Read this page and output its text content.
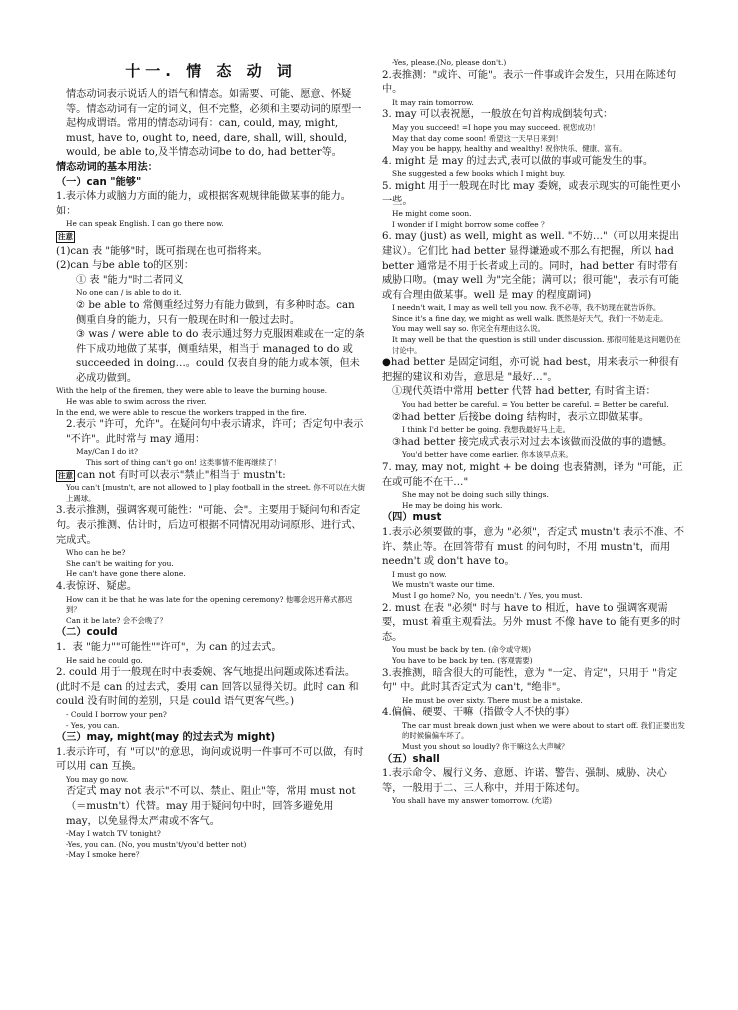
十一. 情 态 动 词

情态动词表示说话人的语气和情态。如需要、可能、愿意、怀疑等。情态动词有一定的词义，但不完整，必须和主要动词的原型一起构成谓语。常用的情态动词有：can, could, may, might, must, have to, ought to, need, dare, shall, will, should, would, be able to,及半情态动词be to do, had better等。

情态动词的基本用法：

（一）can "能够"

1.表示体力或脑力方面的能力，或根据客观规律能做某事的能力。如：

He can speak English. I can go there now.

注意

(1)can 表 "能够"时，既可指现在也可指将来。

(2)can 与be able to的区别：

① 表 "能力"时二者同义

No one can / is able to do it.

② be able to 常侧重经过努力有能力做到，有多种时态。can 侧重自身的能力，只有一般现在时和一般过去时。

③ was / were able to do 表示通过努力克服困难或在一定的条件下成功地做了某事，侧重结果，相当于 managed to do 或 succeeded in doing…。could 仅表自身的能力或本领，但未必成功做到。

With the help of the firemen, they were able to leave the burning house.

He was able to swim across the river.

In the end, we were able to rescue the workers trapped in the fire.

2.表示 "许可，允许"。在疑问句中表示请求，许可；否定句中表示 "不许"。此时常与 may 通用：

May/Can I do it?

This sort of thing can't go on! 这类事情不能再继续了！

注意 can not 有时可以表示"禁止"相当于 mustn't:

You can't [mustn't, are not allowed to ] play football in the street. 你不可以在大街上踢球。

3.表示推测，强调客观可能性："可能、会"。主要用于疑问句和否定句。表示推测、估计时，后边可根据不同情况用动词原形、进行式、完成式。

Who can he be?

She can't be waiting for you.

He can't have gone there alone.

4.表惊讶、疑虑。

How can it be that he was late for the opening ceremony? 他哪会迟开幕式都迟到？

Can it be late? 会不会晚了？

（二）could

1．表 "能力""可能性""许可"，为 can 的过去式。

He said he could go.

2. could 用于一般现在时中表委婉、客气地提出问题或陈述看法。(此时不是 can 的过去式，委用 can 回答以显得关切。此时 can 和 could 没有时间的差别，只是 could 语气更客气些。)

- Could I borrow your pen?

- Yes, you can.

（三）may, might(may 的过去式为 might)

1.表示许可，有 "可以"的意思，询问或说明一件事可不可以做，有时可以用 can 互换。

You may go now.

否定式 may not 表示"不可以、禁止、阻止"等，常用 must not（＝mustn't）代替。may 用于疑问句中时，回答多避免用 may，以免显得太严肃或不客气。

-May I watch TV tonight?

-Yes, you can. (No, you mustn't/you'd better not)

-May I smoke here？

-Yes, please.(No, please don't.)

2.表推测："或许、可能"。表示一件事或许会发生，只用在陈述句中。

It may rain tomorrow.

3. may 可以表祝愿，一般放在句首构成倒装句式：

May you succeed! =I hope you may succeed. 祝您成功！

May that day come soon! 希望这一天早日来到！

May you be happy, healthy and wealthy! 祝你快乐、健康、富有。

4. might 是 may 的过去式,表可以做的事或可能发生的事。

She suggested a few books which I might buy.

5. might 用于一般现在时比 may 委婉，或表示现实的可能性更小一些。

He might come soon.

I wonder if I might borrow some coffee ？

6. may (just) as well, might as well. "不妨…"（可以用来提出建议）。它们比 had better 显得谦逊或不那么有把握，所以 had better 通常是不用于长者或上司的。同时，had better 有时带有威胁口吻。(may well 为"完全能；满可以；很可能"，表示有可能或有合理由做某事。well 是 may 的程度副词)

I needn't wait, I may as well tell you now. 我不必等，我不妨现在就告诉你。

Since it's a fine day, we might as well walk. 既然是好天气，我们一不妨走走。

You may well say so. 你完全有理由这么说。

It may well be that the question is still under discussion. 那很可能是这问题仍在讨论中。

●had better 是固定词组，亦可说 had best，用来表示一种很有把握的建议和劝告，意思是 "最好…"。

①现代英语中常用 better 代替 had better, 有时省主语：

You had better be careful. = You better be careful. = Better be careful.

②had better 后接be doing 结构时，表示立即做某事。

I think I'd better be going. 我想我最好马上走。

③had better 接完成式表示对过去本该做而没做的事的遗憾。

You'd better have come earlier. 你本该早点来。

7. may, may not, might + be doing 也表猜测，译为 "可能，正在或可能不在干…"

She may not be doing such silly things.

He may be doing his work.

（四）must

1.表示必须要做的事，意为 "必须"，否定式 mustn't 表示不准、不许、禁止等。在回答带有 must 的问句时，不用 mustn't，而用 needn't 或 don't have to。

I must go now.

We mustn't waste our time.

Must I go home? No，you needn't. / Yes, you must.

2. must 在表 "必须" 时与 have to 相近，have to 强调客观需要，must 着重主观看法。另外 must 不像 have to 能有更多的时态。

You must be back by ten. (命令或守规)

You have to be back by ten. (客观需要)

3.表推测，暗含很大的可能性，意为 "一定、肯定"，只用于 "肯定句" 中。此时其否定式为 can't, "绝非"。

He must be over sixty. There must be a mistake.

4.偏偏、硬要、干嘛（指做令人不快的事）

The car must break down just when we were about to start off. 我们正要出发的时候偏偏车坏了。

Must you shout so loudly? 你干嘛这么大声喊？

（五）shall

1.表示命令、履行义务、意愿、许诺、警告、强制、威胁、决心等，一般用于二、三人称中，并用于陈述句。

You shall have my answer tomorrow. (允诺)
